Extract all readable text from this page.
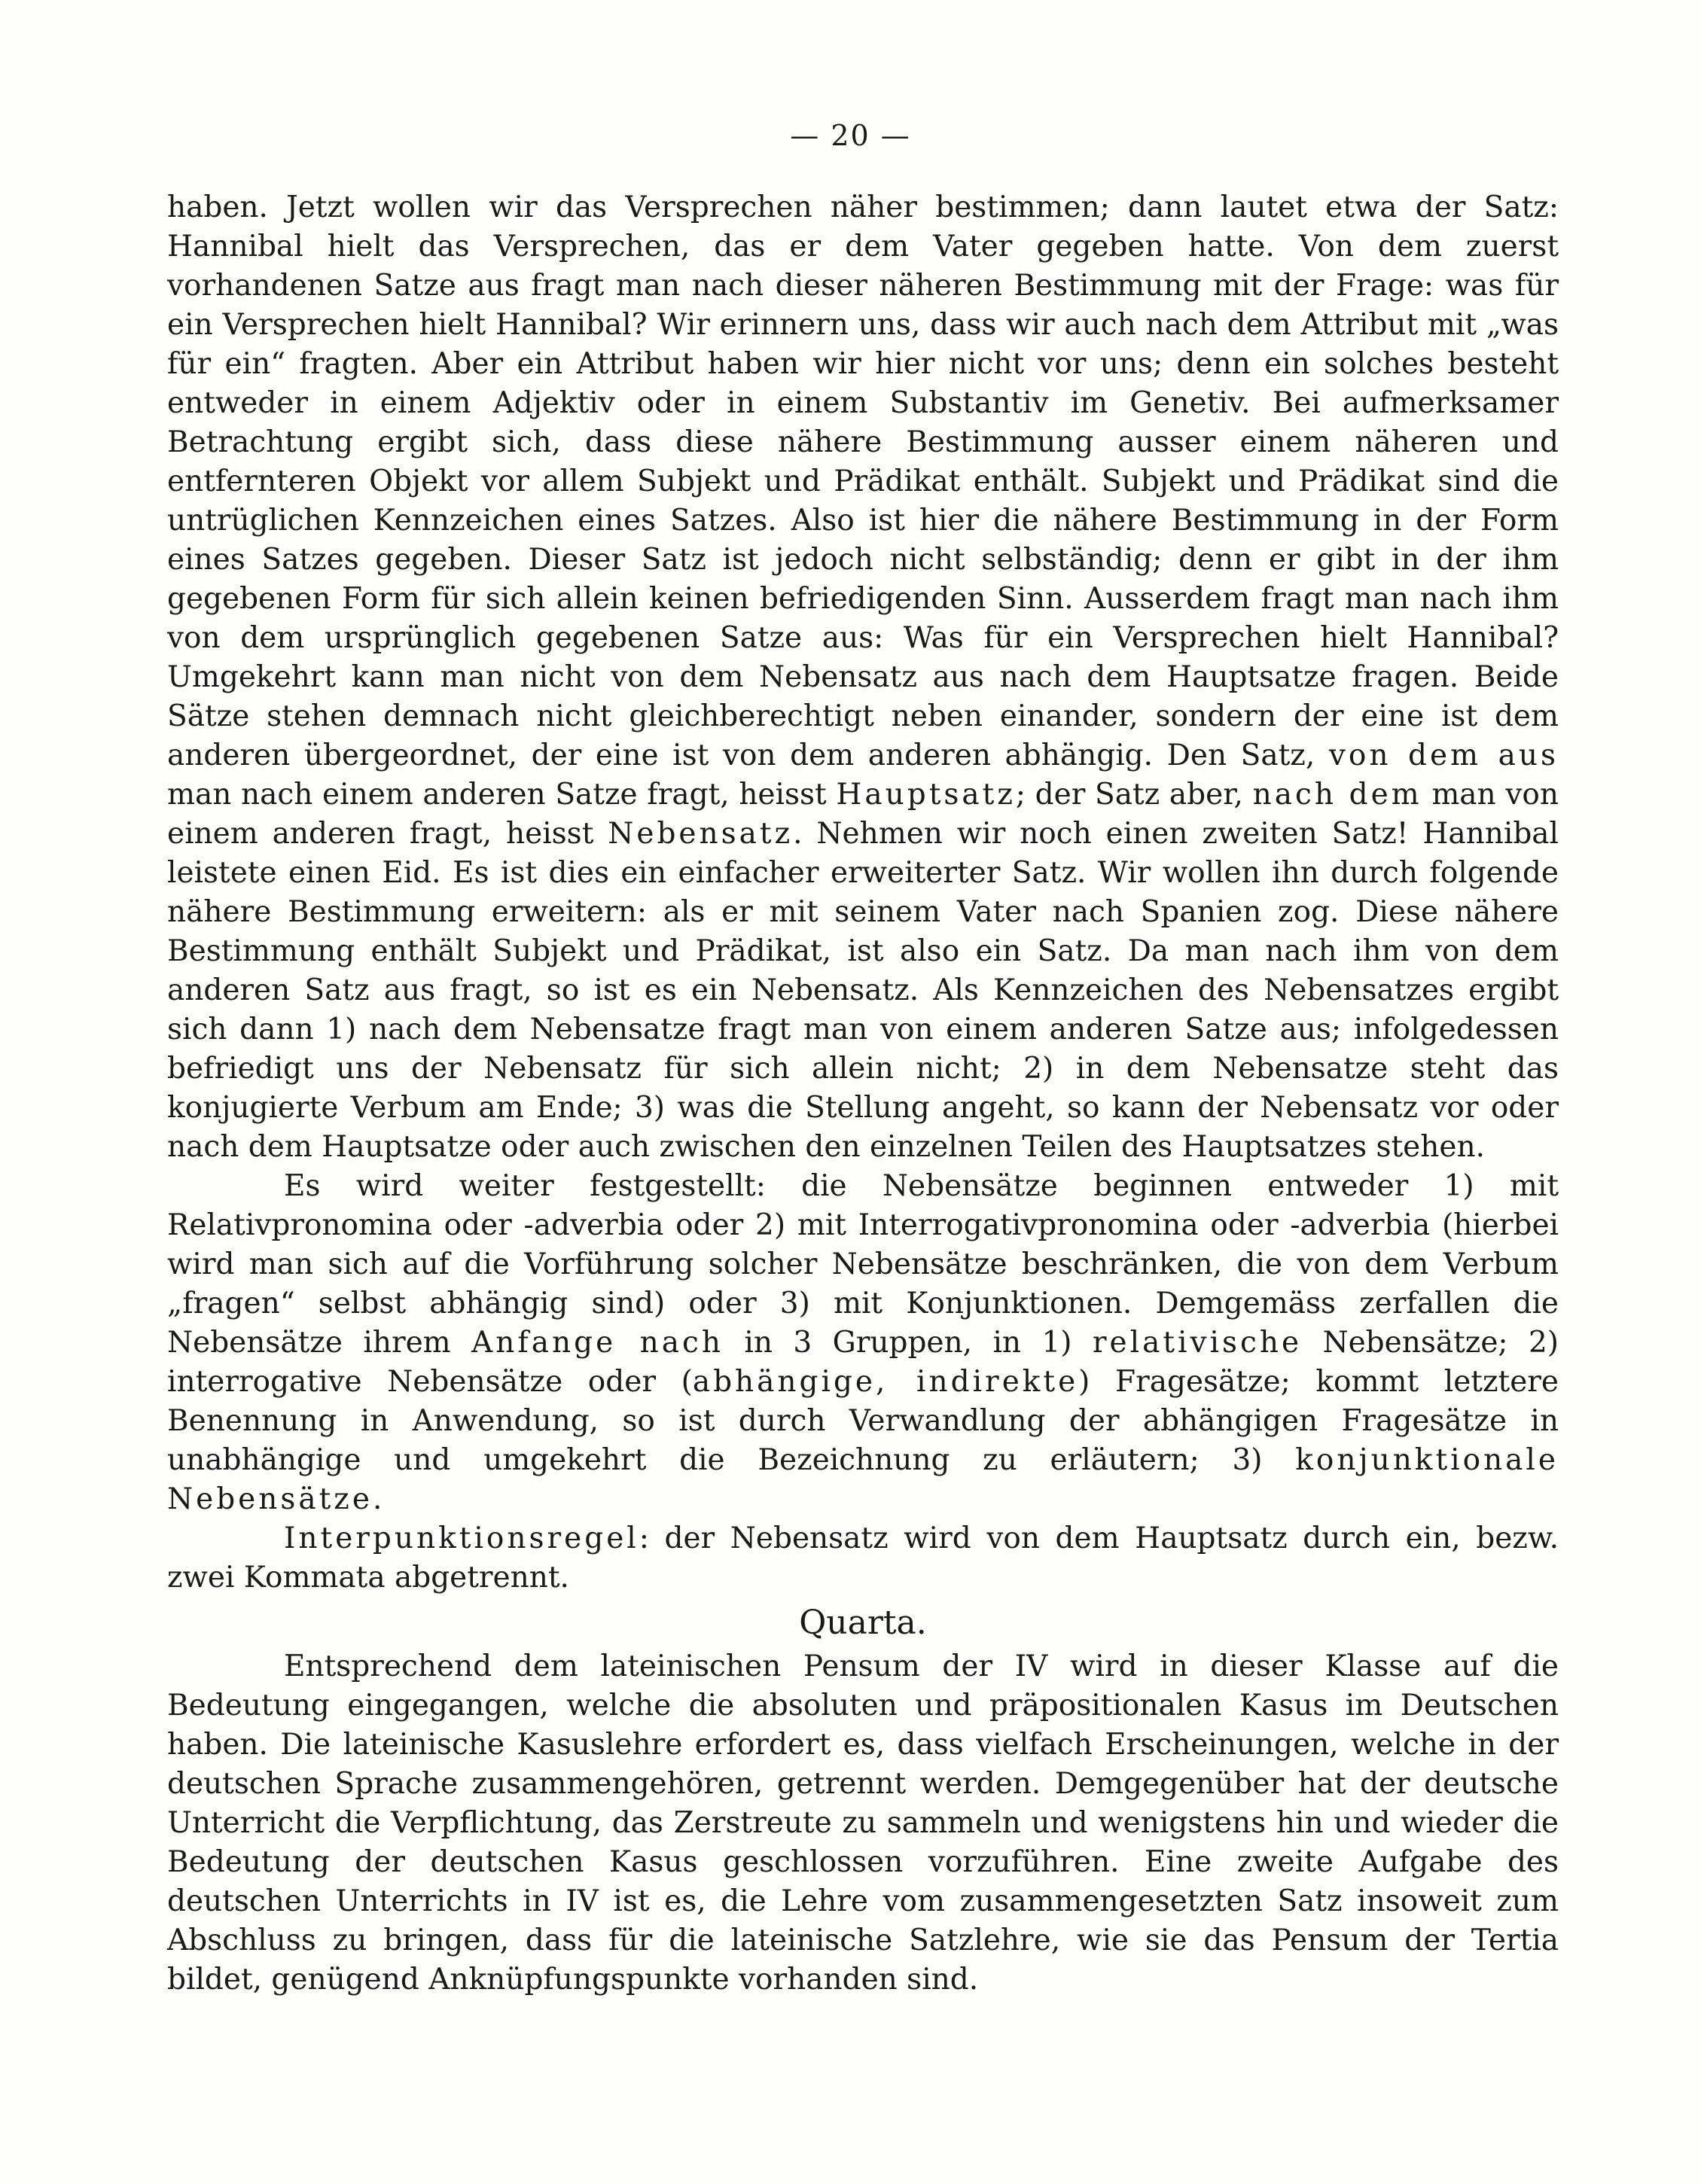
— 20 —

haben. Jetzt wollen wir das Versprechen näher bestimmen; dann lautet etwa der Satz: Hannibal hielt das Versprechen, das er dem Vater gegeben hatte. Von dem zuerst vorhandenen Satze aus fragt man nach dieser näheren Bestimmung mit der Frage: was für ein Versprechen hielt Hannibal? Wir erinnern uns, dass wir auch nach dem Attribut mit „was für ein“ fragten. Aber ein Attribut haben wir hier nicht vor uns; denn ein solches besteht entweder in einem Adjektiv oder in einem Substantiv im Genetiv. Bei aufmerksamer Betrachtung ergibt sich, dass diese nähere Bestimmung ausser einem näheren und entfernteren Objekt vor allem Subjekt und Prädikat enthält. Subjekt und Prädikat sind die untrüglichen Kennzeichen eines Satzes. Also ist hier die nähere Bestimmung in der Form eines Satzes gegeben. Dieser Satz ist jedoch nicht selbständig; denn er gibt in der ihm gegebenen Form für sich allein keinen befriedigenden Sinn. Ausserdem fragt man nach ihm von dem ursprünglich gegebenen Satze aus: Was für ein Versprechen hielt Hannibal? Umgekehrt kann man nicht von dem Nebensatz aus nach dem Hauptsatze fragen. Beide Sätze stehen demnach nicht gleichberechtigt neben einander, sondern der eine ist dem anderen übergeordnet, der eine ist von dem anderen abhängig. Den Satz, von dem aus man nach einem anderen Satze fragt, heisst Hauptsatz; der Satz aber, nach dem man von einem anderen fragt, heisst Nebensatz. Nehmen wir noch einen zweiten Satz! Hannibal leistete einen Eid. Es ist dies ein einfacher erweiterter Satz. Wir wollen ihn durch folgende nähere Bestimmung erweitern: als er mit seinem Vater nach Spanien zog. Diese nähere Bestimmung enthält Subjekt und Prädikat, ist also ein Satz. Da man nach ihm von dem anderen Satz aus fragt, so ist es ein Nebensatz. Als Kennzeichen des Nebensatzes ergibt sich dann 1) nach dem Nebensatze fragt man von einem anderen Satze aus; infolgedessen befriedigt uns der Nebensatz für sich allein nicht; 2) in dem Nebensatze steht das konjugierte Verbum am Ende; 3) was die Stellung angeht, so kann der Nebensatz vor oder nach dem Hauptsatze oder auch zwischen den einzelnen Teilen des Hauptsatzes stehen.

Es wird weiter festgestellt: die Nebensätze beginnen entweder 1) mit Relativpronomina oder -adverbia oder 2) mit Interrogativpronomina oder -adverbia (hierbei wird man sich auf die Vorführung solcher Nebensätze beschränken, die von dem Verbum „fragen“ selbst abhängig sind) oder 3) mit Konjunktionen. Demgemäss zerfallen die Nebensätze ihrem Anfange nach in 3 Gruppen, in 1) relativische Nebensätze; 2) interrogative Nebensätze oder (abhängige, indirekte) Fragesätze; kommt letztere Benennung in Anwendung, so ist durch Verwandlung der abhängigen Fragesätze in unabhängige und umgekehrt die Bezeichnung zu erläutern; 3) konjunktionale Nebensätze.

Interpunktionsregel: der Nebensatz wird von dem Hauptsatz durch ein, bezw. zwei Kommata abgetrennt.

Quarta.

Entsprechend dem lateinischen Pensum der IV wird in dieser Klasse auf die Bedeutung eingegangen, welche die absoluten und präpositionalen Kasus im Deutschen haben. Die lateinische Kasuslehre erfordert es, dass vielfach Erscheinungen, welche in der deutschen Sprache zusammengehören, getrennt werden. Demgegenüber hat der deutsche Unterricht die Verpflichtung, das Zerstreute zu sammeln und wenigstens hin und wieder die Bedeutung der deutschen Kasus geschlossen vorzuführen. Eine zweite Aufgabe des deutschen Unterrichts in IV ist es, die Lehre vom zusammengesetzten Satz insoweit zum Abschluss zu bringen, dass für die lateinische Satzlehre, wie sie das Pensum der Tertia bildet, genügend Anknüpfungspunkte vorhanden sind.
